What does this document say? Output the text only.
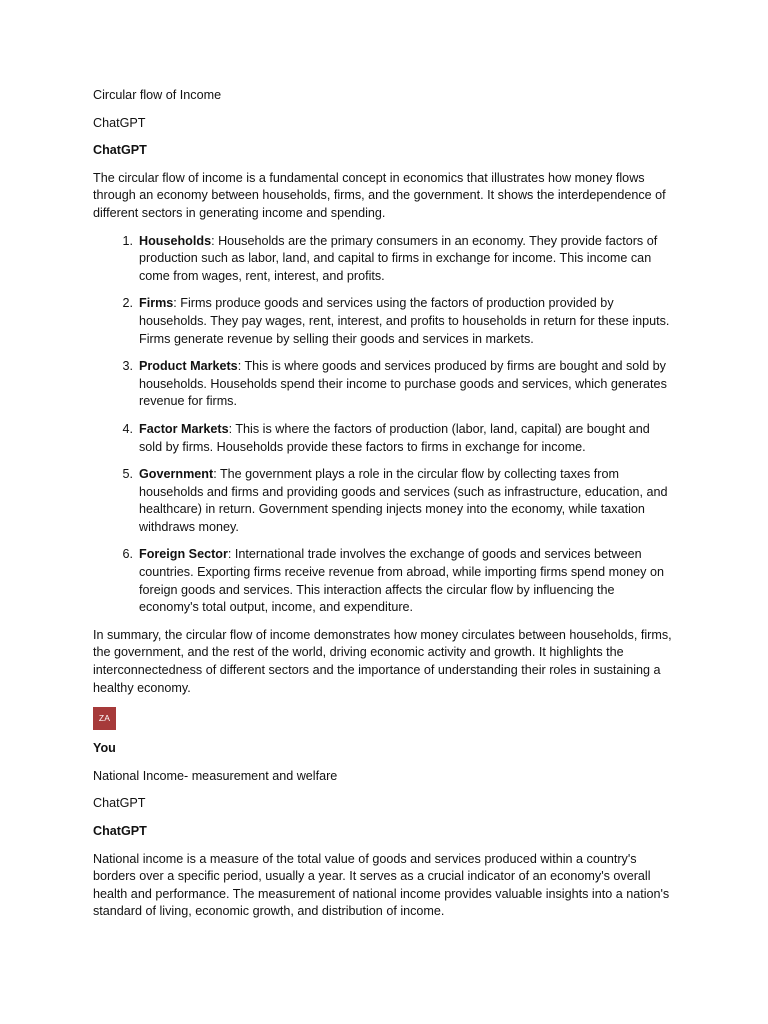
Circular flow of Income

ChatGPT

ChatGPT

The circular flow of income is a fundamental concept in economics that illustrates how money flows through an economy between households, firms, and the government. It shows the interdependence of different sectors in generating income and spending.

Households: Households are the primary consumers in an economy. They provide factors of production such as labor, land, and capital to firms in exchange for income. This income can come from wages, rent, interest, and profits.
Firms: Firms produce goods and services using the factors of production provided by households. They pay wages, rent, interest, and profits to households in return for these inputs. Firms generate revenue by selling their goods and services in markets.
Product Markets: This is where goods and services produced by firms are bought and sold by households. Households spend their income to purchase goods and services, which generates revenue for firms.
Factor Markets: This is where the factors of production (labor, land, capital) are bought and sold by firms. Households provide these factors to firms in exchange for income.
Government: The government plays a role in the circular flow by collecting taxes from households and firms and providing goods and services (such as infrastructure, education, and healthcare) in return. Government spending injects money into the economy, while taxation withdraws money.
Foreign Sector: International trade involves the exchange of goods and services between countries. Exporting firms receive revenue from abroad, while importing firms spend money on foreign goods and services. This interaction affects the circular flow by influencing the economy's total output, income, and expenditure.

In summary, the circular flow of income demonstrates how money circulates between households, firms, the government, and the rest of the world, driving economic activity and growth. It highlights the interconnectedness of different sectors and the importance of understanding their roles in sustaining a healthy economy.

ZA

You

National Income- measurement and welfare

ChatGPT

ChatGPT

National income is a measure of the total value of goods and services produced within a country's borders over a specific period, usually a year. It serves as a crucial indicator of an economy's overall health and performance. The measurement of national income provides valuable insights into a nation's standard of living, economic growth, and distribution of income.
